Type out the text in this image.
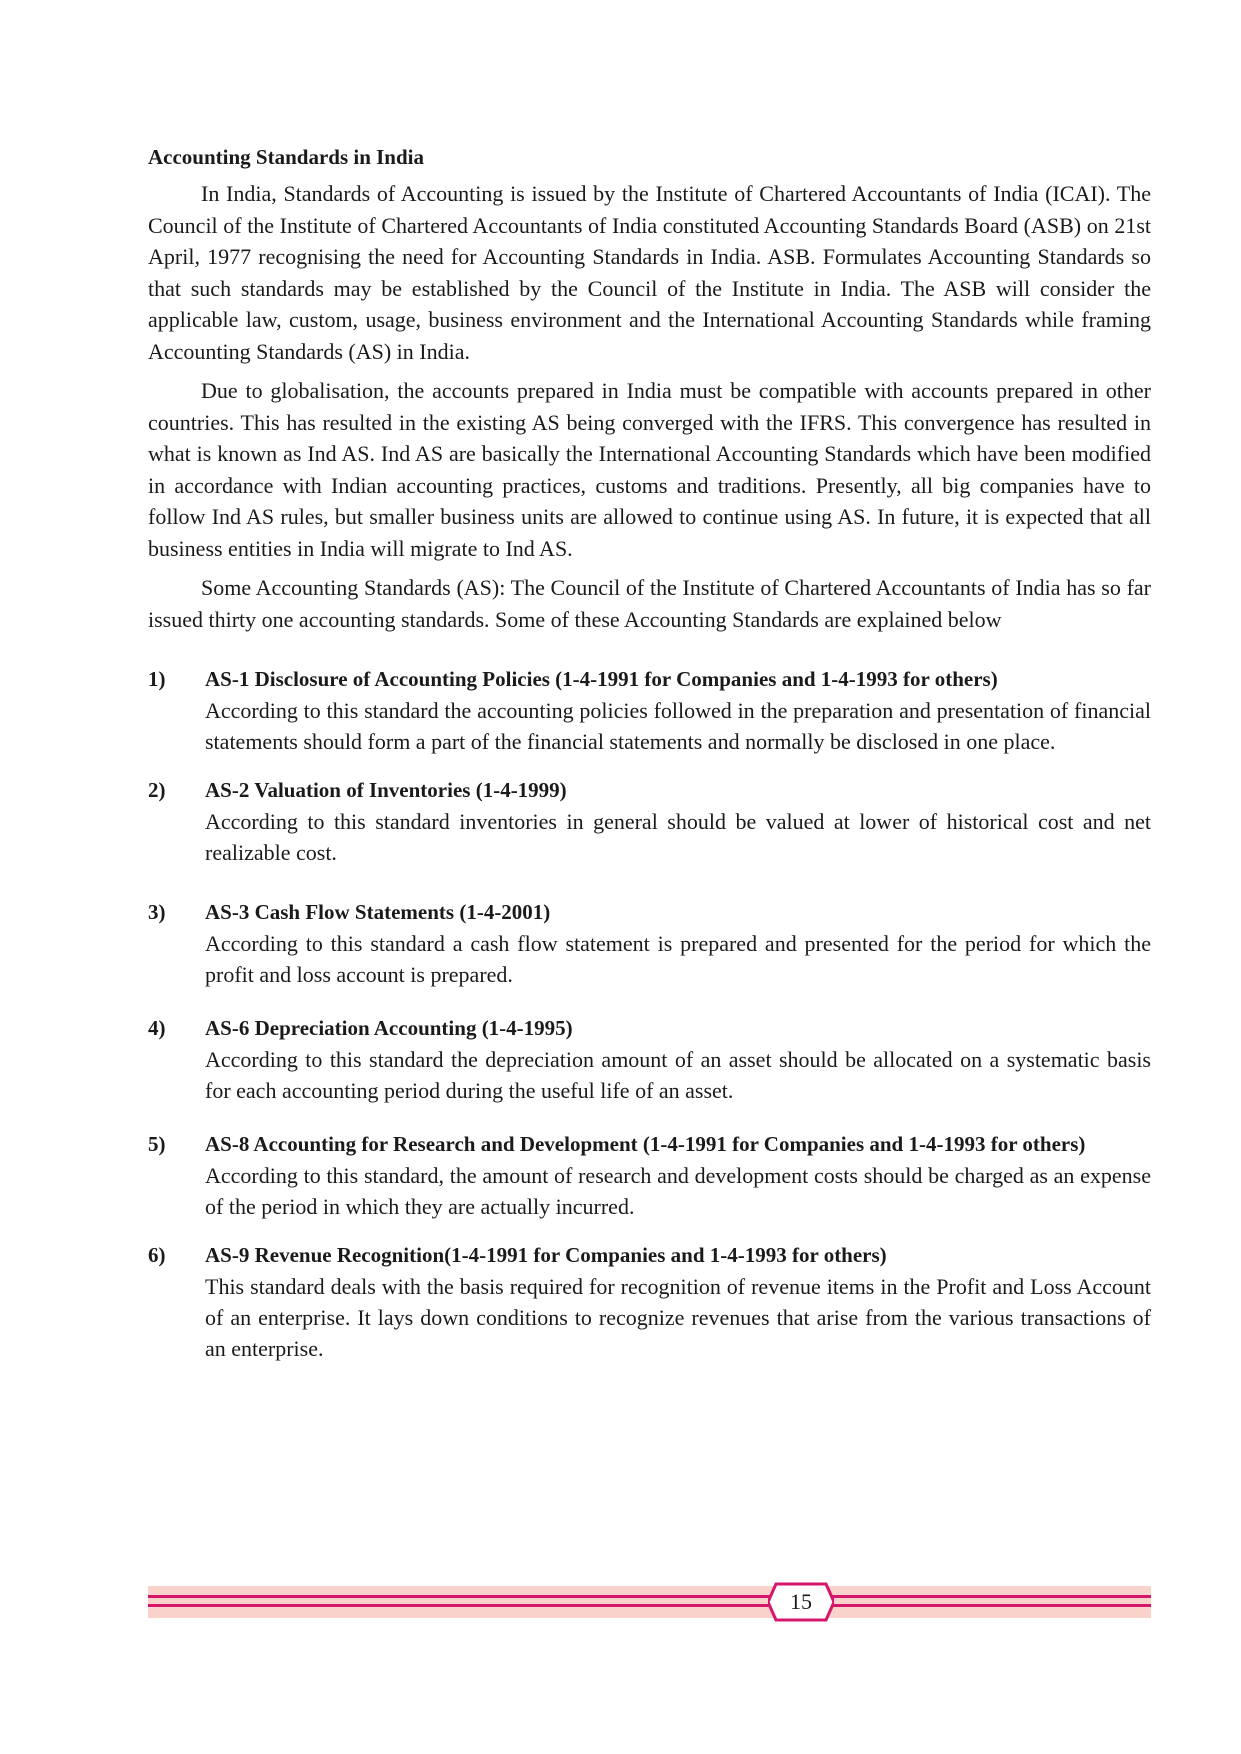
Accounting Standards in India

In India, Standards of Accounting is issued by the Institute of Chartered Accountants of India (ICAI). The Council of the Institute of Chartered Accountants of India constituted Accounting Standards Board (ASB) on 21st April, 1977 recognising the need for Accounting Standards in India. ASB. Formulates Accounting Standards so that such standards may be established by the Council of the Institute in India. The ASB will consider the applicable law, custom, usage, business environment and the International Accounting Standards while framing Accounting Standards (AS) in India.

Due to globalisation, the accounts prepared in India must be compatible with accounts prepared in other countries. This has resulted in the existing AS being converged with the IFRS. This convergence has resulted in what is known as Ind AS. Ind AS are basically the International Accounting Standards which have been modified in accordance with Indian accounting practices, customs and traditions. Presently, all big companies have to follow Ind AS rules, but smaller business units are allowed to continue using AS. In future, it is expected that all business entities in India will migrate to Ind AS.

Some Accounting Standards (AS): The Council of the Institute of Chartered Accountants of India has so far issued thirty one accounting standards. Some of these Accounting Standards are explained below

1) AS-1 Disclosure of Accounting Policies (1-4-1991 for Companies and 1-4-1993 for others)
According to this standard the accounting policies followed in the preparation and presentation of financial statements should form a part of the financial statements and normally be disclosed in one place.
2) AS-2 Valuation of Inventories (1-4-1999)
According to this standard inventories in general should be valued at lower of historical cost and net realizable cost.
3) AS-3 Cash Flow Statements (1-4-2001)
According to this standard a cash flow statement is prepared and presented for the period for which the profit and loss account is prepared.
4) AS-6 Depreciation Accounting (1-4-1995)
According to this standard the depreciation amount of an asset should be allocated on a systematic basis for each accounting period during the useful life of an asset.
5) AS-8 Accounting for Research and Development (1-4-1991 for Companies and 1-4-1993 for others)
According to this standard, the amount of research and development costs should be charged as an expense of the period in which they are actually incurred.
6) AS-9 Revenue Recognition(1-4-1991 for Companies and 1-4-1993 for others)
This standard deals with the basis required for recognition of revenue items in the Profit and Loss Account of an enterprise. It lays down conditions to recognize revenues that arise from the various transactions of an enterprise.
15
